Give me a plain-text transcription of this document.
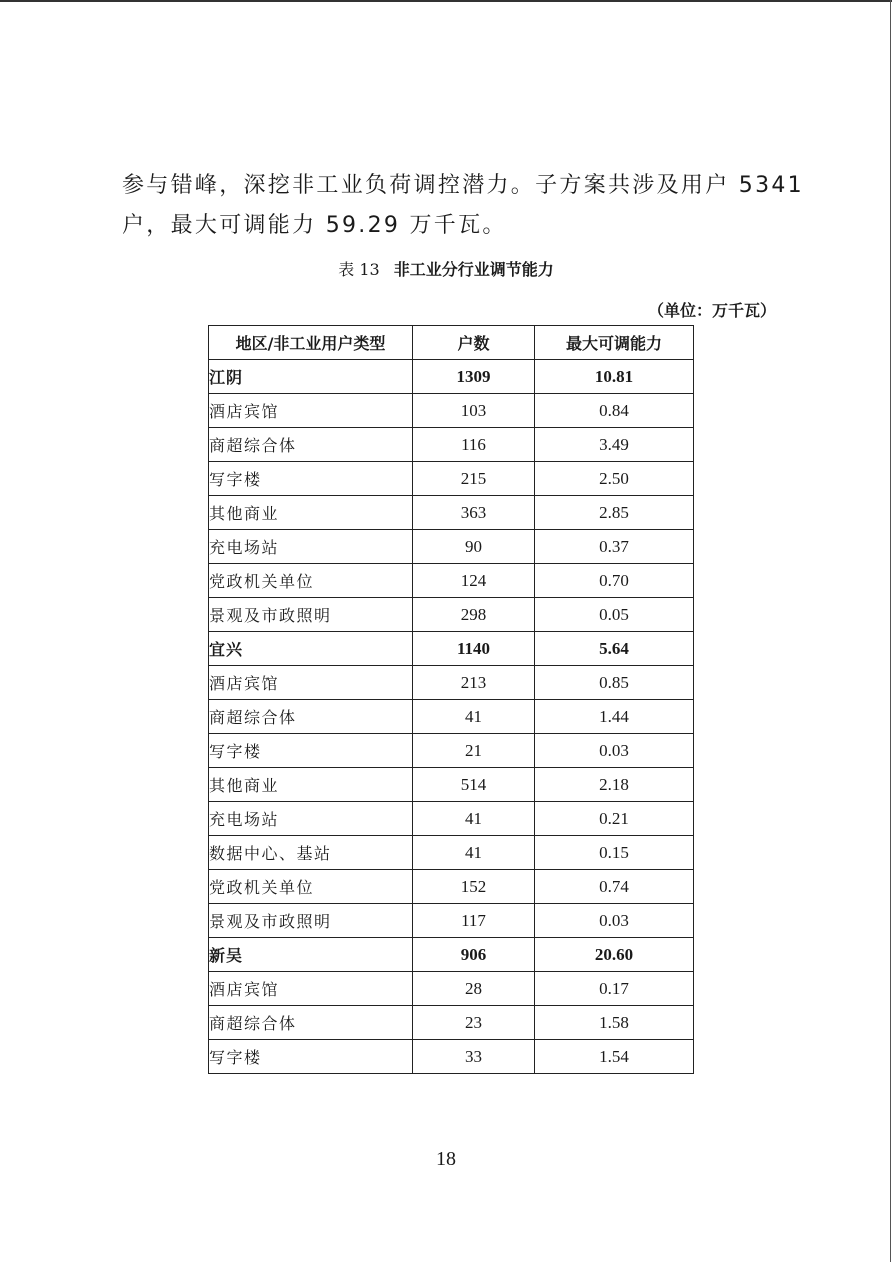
参与错峰，深挖非工业负荷调控潜力。子方案共涉及用户 5341
户，最大可调能力 59.29 万千瓦。
表 13 非工业分行业调节能力
（单位：万千瓦）
地区/非工业用户类型	户数	最大可调能力
江阴	1309	10.81
酒店宾馆	103	0.84
商超综合体	116	3.49
写字楼	215	2.50
其他商业	363	2.85
充电场站	90	0.37
党政机关单位	124	0.70
景观及市政照明	298	0.05
宜兴	1140	5.64
酒店宾馆	213	0.85
商超综合体	41	1.44
写字楼	21	0.03
其他商业	514	2.18
充电场站	41	0.21
数据中心、基站	41	0.15
党政机关单位	152	0.74
景观及市政照明	117	0.03
新吴	906	20.60
酒店宾馆	28	0.17
商超综合体	23	1.58
写字楼	33	1.54
18
